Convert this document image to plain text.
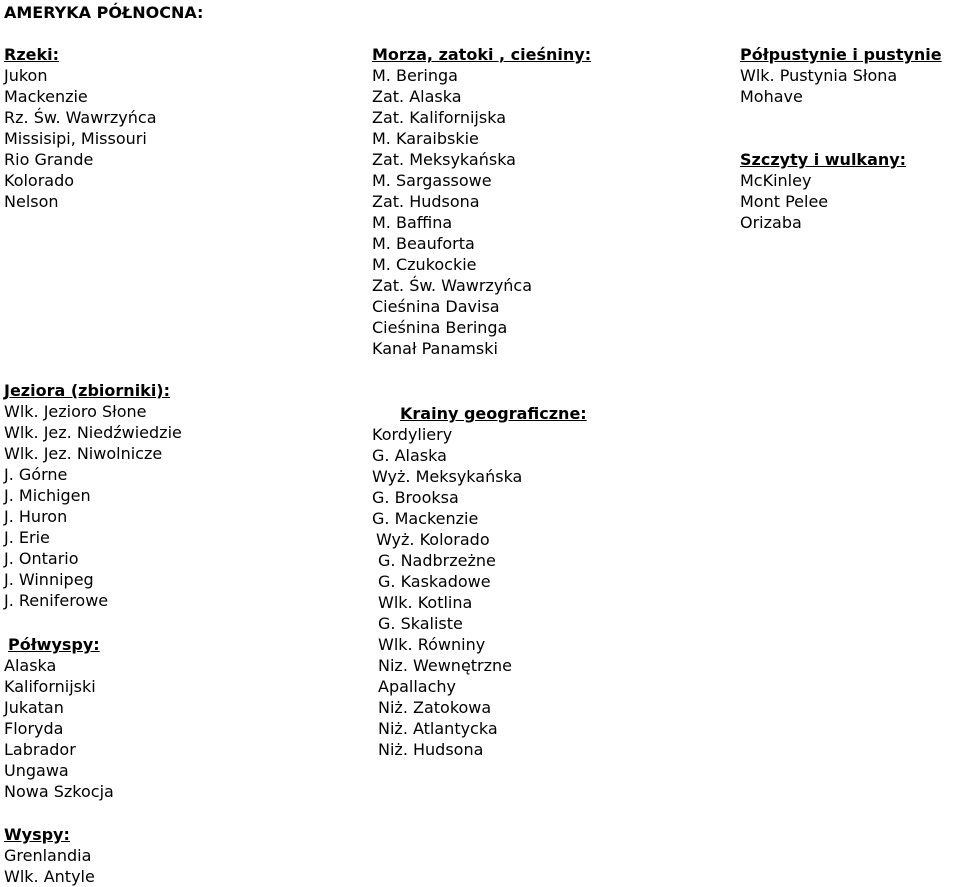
AMERYKA PÓŁNOCNA:
Rzeki:
Jukon
Mackenzie
Rz. Św. Wawrzyńca
Missisipi, Missouri
Rio Grande
Kolorado
Nelson
Morza, zatoki , cieśniny:
M. Beringa
Zat. Alaska
Zat. Kalifornijska
M. Karaibskie
Zat. Meksykańska
M. Sargassowe
Zat. Hudsona
M. Baffina
M. Beauforta
M. Czukockie
Zat. Św. Wawrzyńca
Cieśnina Davisa
Cieśnina Beringa
Kanał Panamski
Półpustynie i pustynie
Wlk. Pustynia Słona
Mohave
Szczyty i wulkany:
McKinley
Mont Pelee
Orizaba
Jeziora (zbiorniki):
Wlk. Jezioro Słone
Wlk. Jez. Niedźwiedzie
Wlk. Jez. Niwolnicze
J. Górne
J. Michigen
J. Huron
J. Erie
J. Ontario
J. Winnipeg
J. Reniferowe
Krainy geograficzne:
Kordyliery
G. Alaska
Wyż. Meksykańska
G. Brooksa
G. Mackenzie
Wyż. Kolorado
G. Nadbrzeżne
G. Kaskadowe
Wlk. Kotlina
G. Skaliste
Wlk. Równiny
Niz. Wewnętrzne
Apallachy
Niż. Zatokowa
Niż. Atlantycka
Niż. Hudsona
Półwyspy:
Alaska
Kalifornijski
Jukatan
Floryda
Labrador
Ungawa
Nowa Szkocja
Wyspy:
Grenlandia
Wlk. Antyle
